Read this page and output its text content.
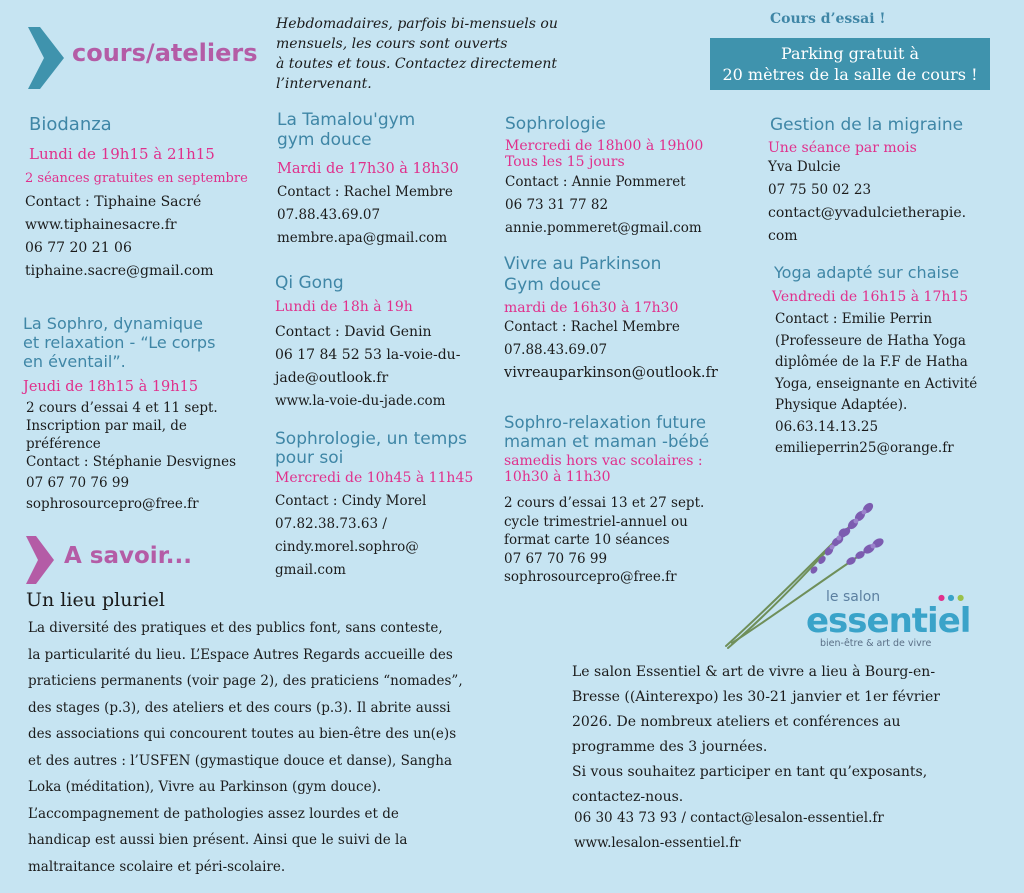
cours/ateliers
Hebdomadaires, parfois bi-mensuels ou
mensuels, les cours sont ouverts
à toutes et tous. Contactez directement
l’intervenant.
Cours d’essai !
Parking gratuit à
20 mètres de la salle de cours !
Biodanza
Lundi de 19h15 à 21h15
2 séances gratuites en septembre
Contact : Tiphaine Sacré
www.tiphainesacre.fr
06 77 20 21 06
tiphaine.sacre@gmail.com
La Sophro, dynamique
et relaxation - “Le corps
en éventail”.
Jeudi de 18h15 à 19h15
2 cours d’essai 4 et 11 sept.
Inscription par mail, de
préférence
Contact : Stéphanie Desvignes
07 67 70 76 99
sophrosourcepro@free.fr
La Tamalou'gym
gym douce
Mardi de 17h30 à 18h30
Contact : Rachel Membre
07.88.43.69.07
membre.apa@gmail.com
Qi Gong
Lundi de 18h à 19h
Contact : David Genin
06 17 84 52 53 la-voie-du-
jade@outlook.fr
www.la-voie-du-jade.com
Sophrologie, un temps
pour soi
Mercredi de 10h45 à 11h45
Contact : Cindy Morel
07.82.38.73.63 /
cindy.morel.sophro@
gmail.com
Sophrologie
Mercredi de 18h00 à 19h00
Tous les 15 jours
Contact : Annie Pommeret
06 73 31 77 82
annie.pommeret@gmail.com
Vivre au Parkinson
Gym douce
mardi de 16h30 à 17h30
Contact : Rachel Membre
07.88.43.69.07
vivreauparkinson@outlook.fr
Sophro-relaxation future
maman et maman -bébé
samedis hors vac scolaires :
10h30 à 11h30
2 cours d’essai 13 et 27 sept.
cycle trimestriel-annuel ou
format carte 10 séances
07 67 70 76 99
sophrosourcepro@free.fr
Gestion de la migraine
Une séance par mois
Yva Dulcie
07 75 50 02 23
contact@yvadulcietherapie.
com
Yoga adapté sur chaise
Vendredi de 16h15 à 17h15
Contact : Emilie Perrin
(Professeure de Hatha Yoga
diplômée de la F.F de Hatha
Yoga, enseignante en Activité
Physique Adaptée).
06.63.14.13.25
emilieperrin25@orange.fr
A savoir...
Un lieu pluriel
La diversité des pratiques et des publics font, sans conteste,
la particularité du lieu. L’Espace Autres Regards accueille des
praticiens permanents (voir page 2), des praticiens “nomades”,
des stages (p.3), des ateliers et des cours (p.3). Il abrite aussi
des associations qui concourent toutes au bien-être des un(e)s
et des autres : l’USFEN (gymastique douce et danse), Sangha
Loka (méditation), Vivre au Parkinson (gym douce).
L’accompagnement de pathologies assez lourdes et de
handicap est aussi bien présent. Ainsi que le suivi de la
maltraitance scolaire et péri-scolaire.
le salon
essentiel
bien-être & art de vivre
● ● ●
Le salon Essentiel & art de vivre a lieu à Bourg-en-
Bresse ((Ainterexpo) les 30-21 janvier et 1er février
2026. De nombreux ateliers et conférences au
programme des 3 journées.
Si vous souhaitez participer en tant qu’exposants,
contactez-nous.
06 30 43 73 93 / contact@lesalon-essentiel.fr
www.lesalon-essentiel.fr
